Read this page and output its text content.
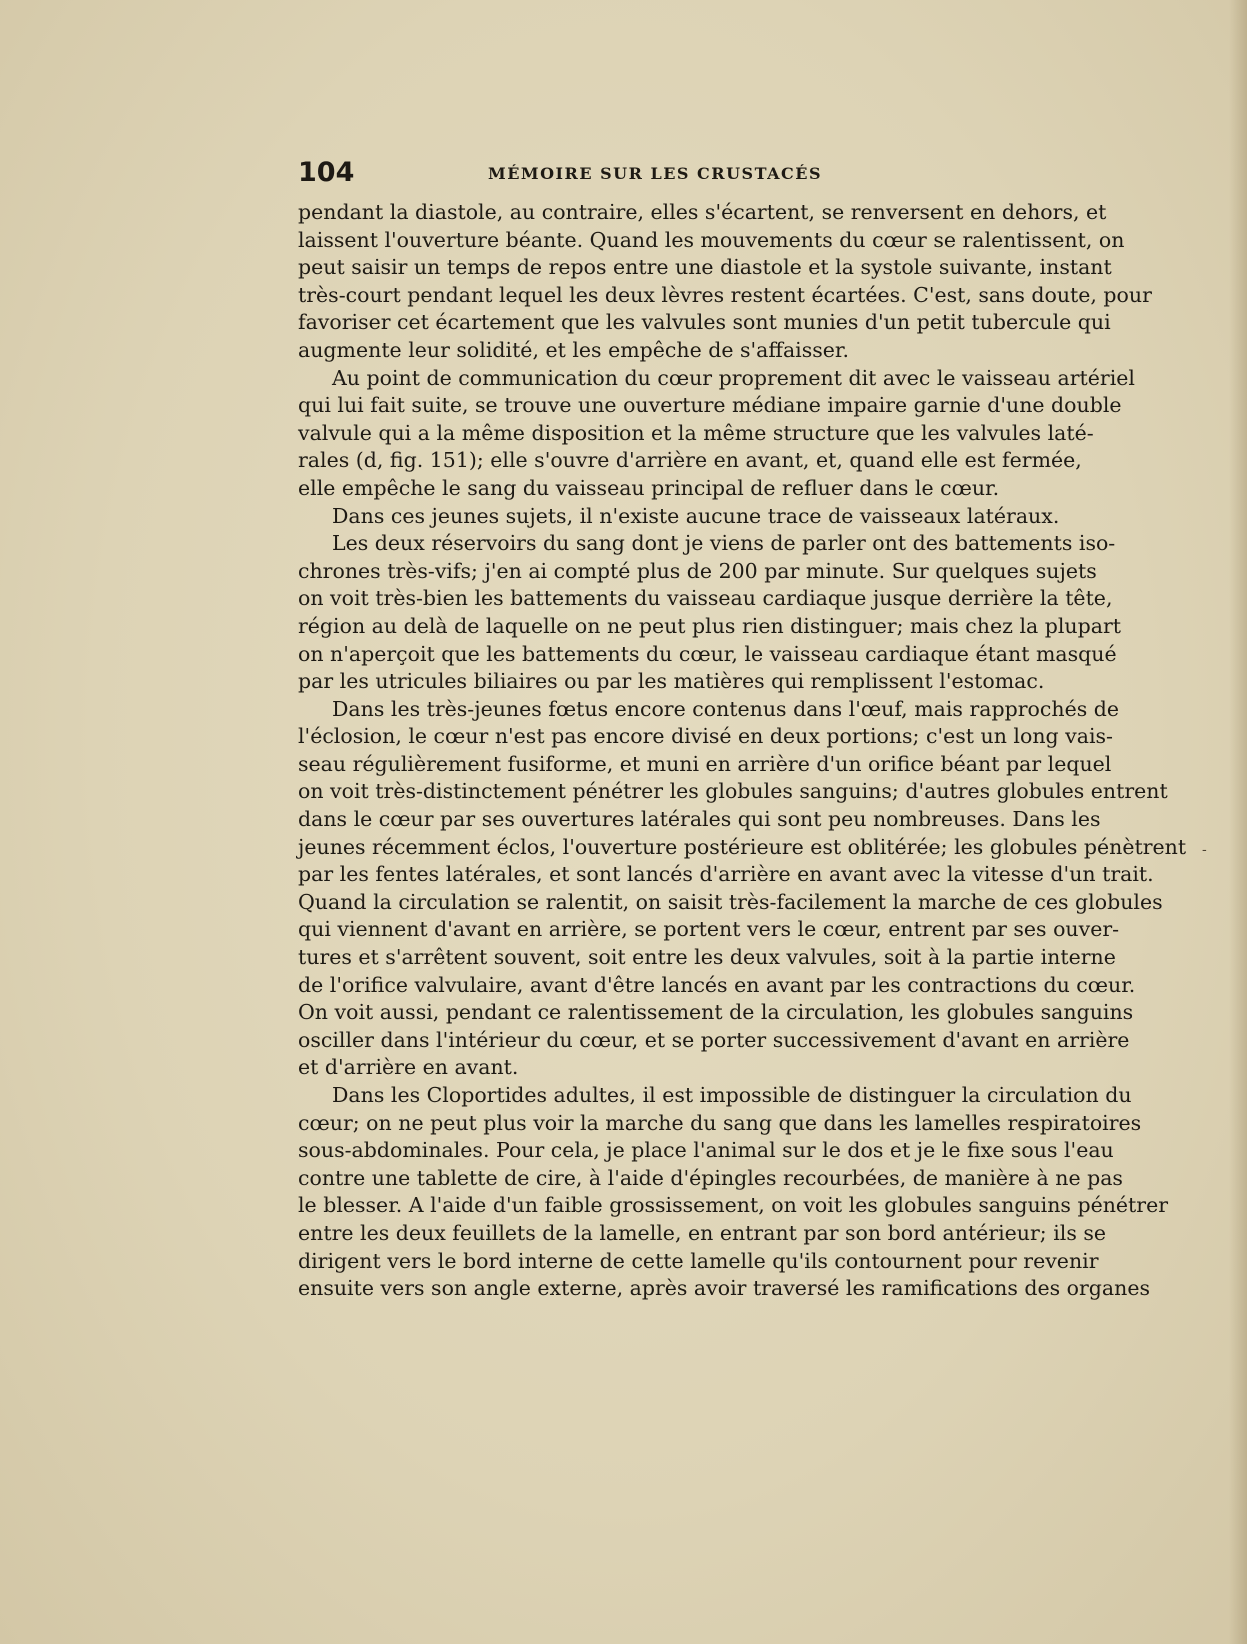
104	MÉMOIRE SUR LES CRUSTACÉS
pendant la diastole, au contraire, elles s'écartent, se renversent en dehors, et
laissent l'ouverture béante. Quand les mouvements du cœur se ralentissent, on
peut saisir un temps de repos entre une diastole et la systole suivante, instant
très-court pendant lequel les deux lèvres restent écartées. C'est, sans doute, pour
favoriser cet écartement que les valvules sont munies d'un petit tubercule qui
augmente leur solidité, et les empêche de s'affaisser.
Au point de communication du cœur proprement dit avec le vaisseau artériel
qui lui fait suite, se trouve une ouverture médiane impaire garnie d'une double
valvule qui a la même disposition et la même structure que les valvules laté-
rales (d, fig. 151); elle s'ouvre d'arrière en avant, et, quand elle est fermée,
elle empêche le sang du vaisseau principal de refluer dans le cœur.
Dans ces jeunes sujets, il n'existe aucune trace de vaisseaux latéraux.
Les deux réservoirs du sang dont je viens de parler ont des battements iso-
chrones très-vifs; j'en ai compté plus de 200 par minute. Sur quelques sujets
on voit très-bien les battements du vaisseau cardiaque jusque derrière la tête,
région au delà de laquelle on ne peut plus rien distinguer; mais chez la plupart
on n'aperçoit que les battements du cœur, le vaisseau cardiaque étant masqué
par les utricules biliaires ou par les matières qui remplissent l'estomac.
Dans les très-jeunes fœtus encore contenus dans l'œuf, mais rapprochés de
l'éclosion, le cœur n'est pas encore divisé en deux portions; c'est un long vais-
seau régulièrement fusiforme, et muni en arrière d'un orifice béant par lequel
on voit très-distinctement pénétrer les globules sanguins; d'autres globules entrent
dans le cœur par ses ouvertures latérales qui sont peu nombreuses. Dans les
jeunes récemment éclos, l'ouverture postérieure est oblitérée; les globules pénètrent
par les fentes latérales, et sont lancés d'arrière en avant avec la vitesse d'un trait.
Quand la circulation se ralentit, on saisit très-facilement la marche de ces globules
qui viennent d'avant en arrière, se portent vers le cœur, entrent par ses ouver-
tures et s'arrêtent souvent, soit entre les deux valvules, soit à la partie interne
de l'orifice valvulaire, avant d'être lancés en avant par les contractions du cœur.
On voit aussi, pendant ce ralentissement de la circulation, les globules sanguins
osciller dans l'intérieur du cœur, et se porter successivement d'avant en arrière
et d'arrière en avant.
Dans les Cloportides adultes, il est impossible de distinguer la circulation du
cœur; on ne peut plus voir la marche du sang que dans les lamelles respiratoires
sous-abdominales. Pour cela, je place l'animal sur le dos et je le fixe sous l'eau
contre une tablette de cire, à l'aide d'épingles recourbées, de manière à ne pas
le blesser. A l'aide d'un faible grossissement, on voit les globules sanguins pénétrer
entre les deux feuillets de la lamelle, en entrant par son bord antérieur; ils se
dirigent vers le bord interne de cette lamelle qu'ils contournent pour revenir
ensuite vers son angle externe, après avoir traversé les ramifications des organes
-
